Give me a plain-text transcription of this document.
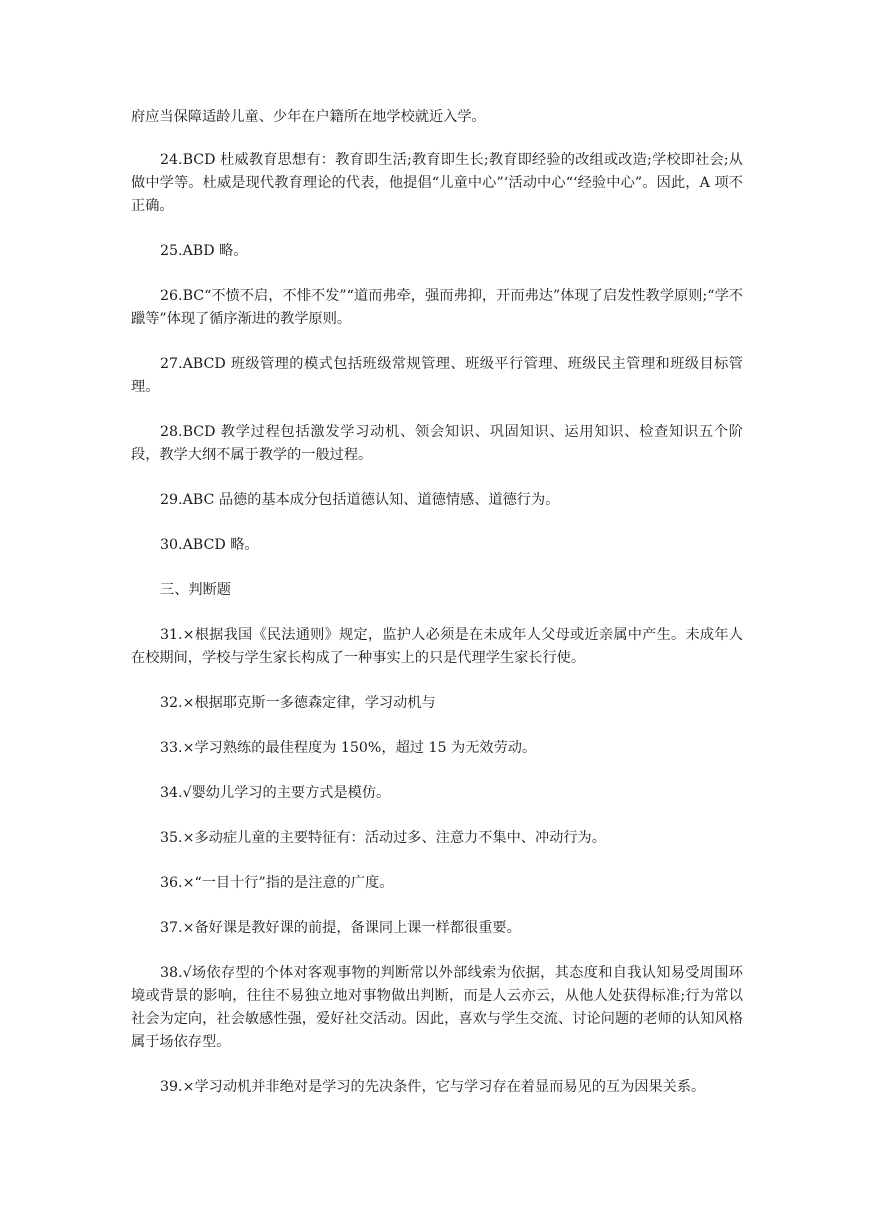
府应当保障适龄儿童、少年在户籍所在地学校就近入学。

24.BCD 杜威教育思想有：教育即生活;教育即生长;教育即经验的改组或改造;学校即社会;从做中学等。杜威是现代教育理论的代表，他提倡“儿童中心”‘活动中心“‘经验中心”。因此，A 项不正确。

25.ABD 略。

26.BC“不愤不启，不悱不发”“道而弗牵，强而弗抑，开而弗达”体现了启发性教学原则;“学不躐等”体现了循序渐进的教学原则。

27.ABCD 班级管理的模式包括班级常规管理、班级平行管理、班级民主管理和班级目标管理。

28.BCD 教学过程包括激发学习动机、领会知识、巩固知识、运用知识、检查知识五个阶段，教学大纲不属于教学的一般过程。

29.ABC 品德的基本成分包括道德认知、道德情感、道德行为。

30.ABCD 略。

三、判断题

31.×根据我国《民法通则》规定，监护人必须是在未成年人父母或近亲属中产生。未成年人在校期间，学校与学生家长构成了一种事实上的只是代理学生家长行使。

32.×根据耶克斯一多德森定律，学习动机与

33.×学习熟练的最佳程度为 150%，超过 15 为无效劳动。

34.√婴幼儿学习的主要方式是模仿。

35.×多动症儿童的主要特征有：活动过多、注意力不集中、冲动行为。

36.×“一目十行”指的是注意的广度。

37.×备好课是教好课的前提，备课同上课一样都很重要。

38.√场依存型的个体对客观事物的判断常以外部线索为依据，其态度和自我认知易受周围环境或背景的影响，往往不易独立地对事物做出判断，而是人云亦云，从他人处获得标准;行为常以社会为定向，社会敏感性强，爱好社交活动。因此，喜欢与学生交流、讨论问题的老师的认知风格属于场依存型。

39.×学习动机并非绝对是学习的先决条件，它与学习存在着显而易见的互为因果关系。
